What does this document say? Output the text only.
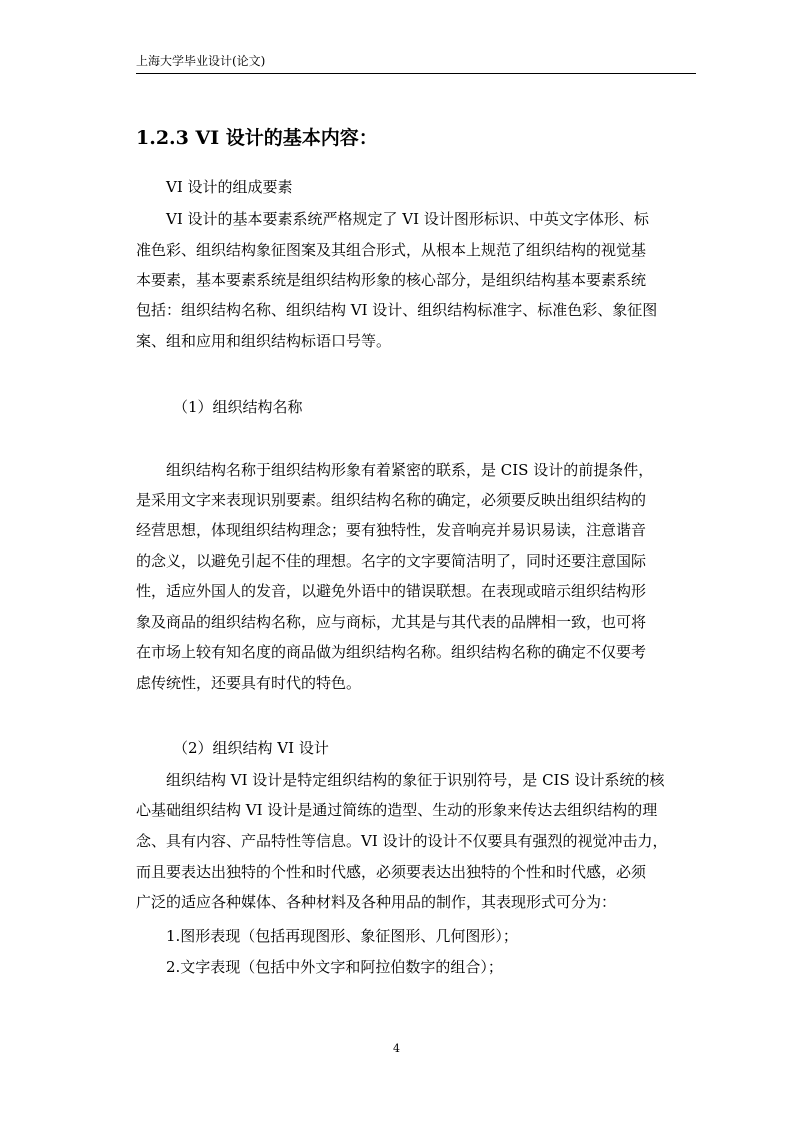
上海大学毕业设计(论文)
1.2.3 VI 设计的基本内容：
VI 设计的组成要素
VI 设计的基本要素系统严格规定了 VI 设计图形标识、中英文字体形、标
准色彩、组织结构象征图案及其组合形式，从根本上规范了组织结构的视觉基
本要素，基本要素系统是组织结构形象的核心部分，是组织结构基本要素系统
包括：组织结构名称、组织结构 VI 设计、组织结构标准字、标准色彩、象征图
案、组和应用和组织结构标语口号等。
（1）组织结构名称
组织结构名称于组织结构形象有着紧密的联系，是 CIS 设计的前提条件，
是采用文字来表现识别要素。组织结构名称的确定，必须要反映出组织结构的
经营思想，体现组织结构理念；要有独特性，发音响亮并易识易读，注意谐音
的念义，以避免引起不佳的理想。名字的文字要简洁明了，同时还要注意国际
性，适应外国人的发音，以避免外语中的错误联想。在表现或暗示组织结构形
象及商品的组织结构名称，应与商标，尤其是与其代表的品牌相一致，也可将
在市场上较有知名度的商品做为组织结构名称。组织结构名称的确定不仅要考
虑传统性，还要具有时代的特色。
（2）组织结构 VI 设计
组织结构 VI 设计是特定组织结构的象征于识别符号，是 CIS 设计系统的核
心基础组织结构 VI 设计是通过简练的造型、生动的形象来传达去组织结构的理
念、具有内容、产品特性等信息。VI 设计的设计不仅要具有强烈的视觉冲击力，
而且要表达出独特的个性和时代感，必须要表达出独特的个性和时代感，必须
广泛的适应各种媒体、各种材料及各种用品的制作，其表现形式可分为：
1.图形表现（包括再现图形、象征图形、几何图形）；
2.文字表现（包括中外文字和阿拉伯数字的组合）；
4
